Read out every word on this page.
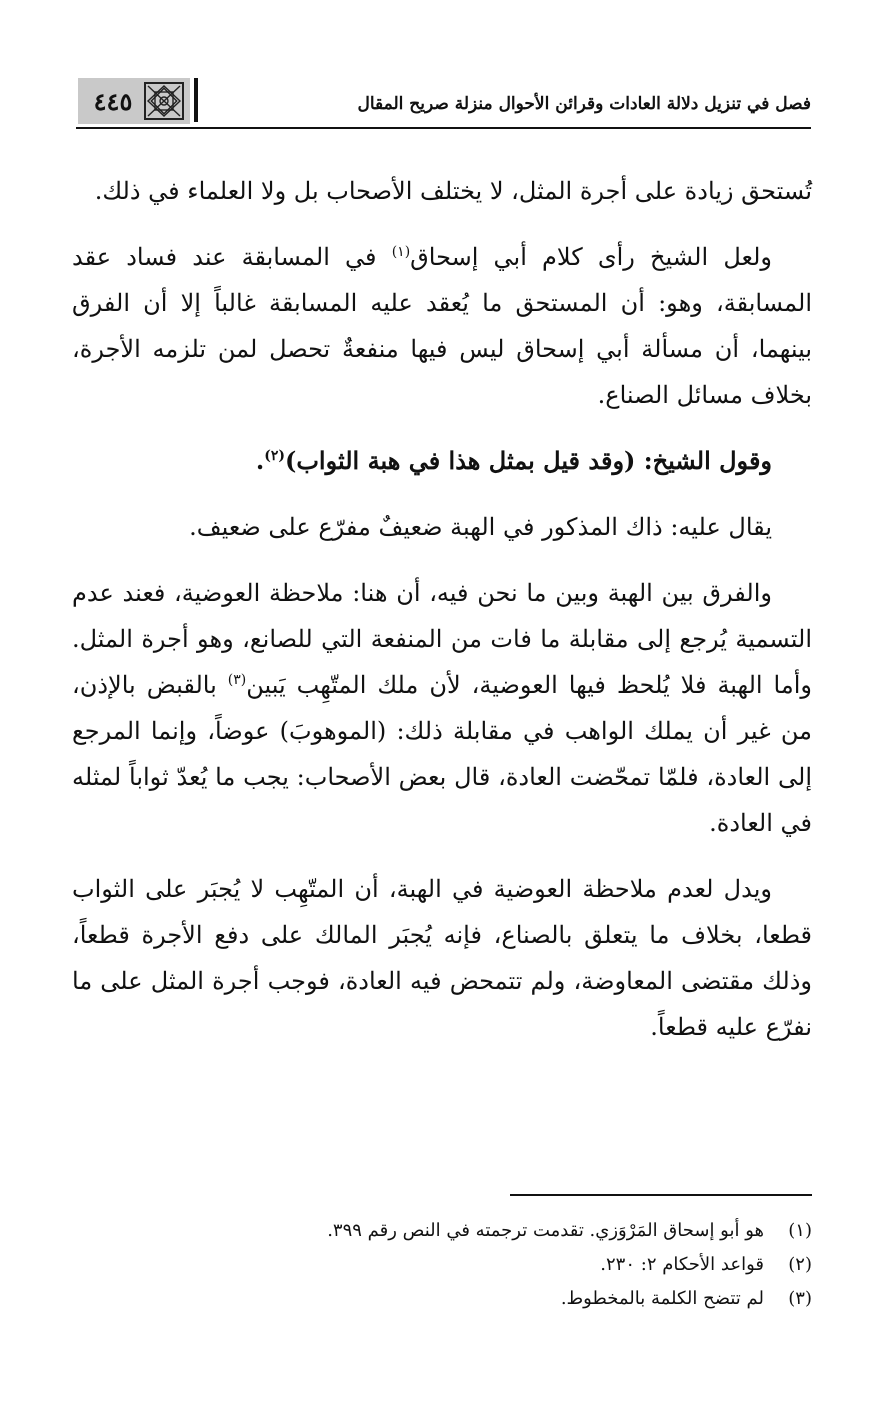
فصل في تنزيل دلالة العادات وقرائن الأحوال منزلة صريح المقال
٤٤٥

تُستحق زيادة على أجرة المثل، لا يختلف الأصحاب بل ولا العلماء في ذلك.

ولعل الشيخ رأى كلام أبي إسحاق$^{(١)}$ في المسابقة عند فساد عقد المسابقة، وهو: أن المستحق ما يُعقد عليه المسابقة غالباً إلا أن الفرق بينهما، أن مسألة أبي إسحاق ليس فيها منفعةٌ تحصل لمن تلزمه الأجرة، بخلاف مسائل الصناع.

وقول الشيخ: (وقد قيل بمثل هذا في هبة الثواب)$^{(٢)}$.

يقال عليه: ذاك المذكور في الهبة ضعيفٌ مفرّع على ضعيف.

والفرق بين الهبة وبين ما نحن فيه، أن هنا: ملاحظة العوضية، فعند عدم التسمية يُرجع إلى مقابلة ما فات من المنفعة التي للصانع، وهو أجرة المثل. وأما الهبة فلا يُلحظ فيها العوضية، لأن ملك المتّهِب يَبين$^{(٣)}$ بالقبض بالإذن، من غير أن يملك الواهب في مقابلة ذلك: (الموهوبَ) عوضاً، وإنما المرجع إلى العادة، فلمّا تمحّضت العادة، قال بعض الأصحاب: يجب ما يُعدّ ثواباً لمثله في العادة.

ويدل لعدم ملاحظة العوضية في الهبة، أن المتّهِب لا يُجبَر على الثواب قطعا، بخلاف ما يتعلق بالصناع، فإنه يُجبَر المالك على دفع الأجرة قطعاً، وذلك مقتضى المعاوضة، ولم تتمحض فيه العادة، فوجب أجرة المثل على ما نفرّع عليه قطعاً.

(١)هو أبو إسحاق المَرْوَزي. تقدمت ترجمته في النص رقم ٣٩٩.
(٢)قواعد الأحكام ٢: ٢٣٠.
(٣)لم تتضح الكلمة بالمخطوط.
